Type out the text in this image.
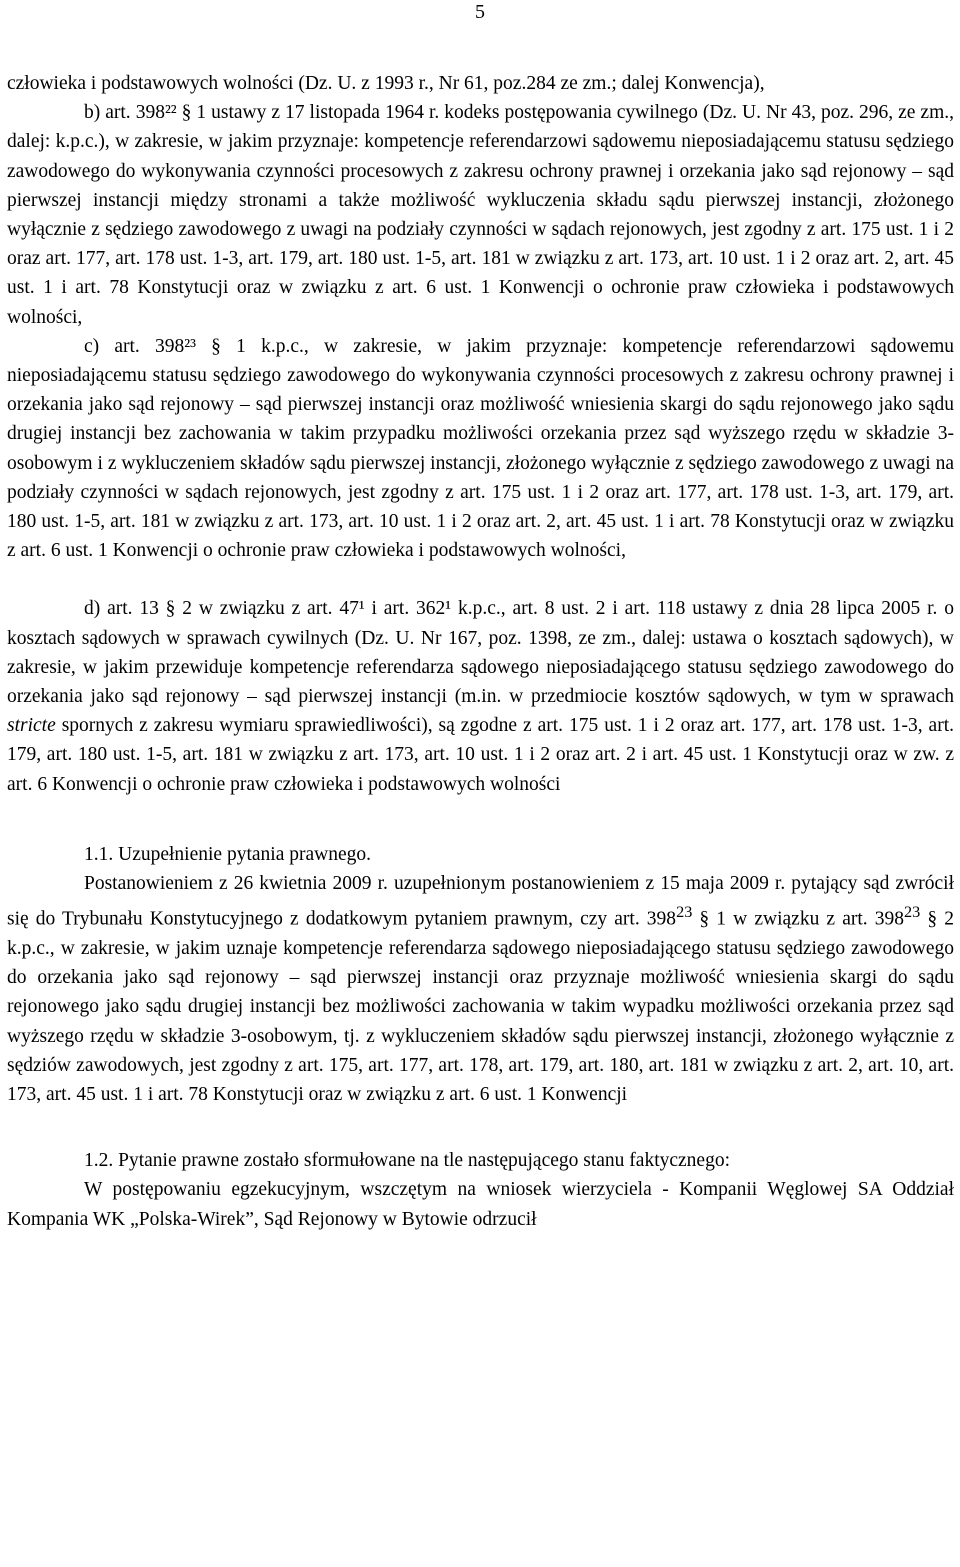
5

człowieka i podstawowych wolności (Dz. U. z 1993 r., Nr 61, poz.284 ze zm.; dalej Konwencja),

b) art. 398²² § 1 ustawy z 17 listopada 1964 r. kodeks postępowania cywilnego (Dz. U. Nr 43, poz. 296, ze zm., dalej: k.p.c.), w zakresie, w jakim przyznaje: kompetencje referendarzowi sądowemu nieposiadającemu statusu sędziego zawodowego do wykonywania czynności procesowych z zakresu ochrony prawnej i orzekania jako sąd rejonowy – sąd pierwszej instancji między stronami a także możliwość wykluczenia składu sądu pierwszej instancji, złożonego wyłącznie z sędziego zawodowego z uwagi na podziały czynności w sądach rejonowych, jest zgodny z art. 175 ust. 1 i 2 oraz art. 177, art. 178 ust. 1-3, art. 179, art. 180 ust. 1-5, art. 181 w związku z art. 173, art. 10 ust. 1 i 2 oraz art. 2, art. 45 ust. 1 i art. 78 Konstytucji oraz w związku z art. 6 ust. 1 Konwencji o ochronie praw człowieka i podstawowych wolności,

c) art. 398²³ § 1 k.p.c., w zakresie, w jakim przyznaje: kompetencje referendarzowi sądowemu nieposiadającemu statusu sędziego zawodowego do wykonywania czynności procesowych z zakresu ochrony prawnej i orzekania jako sąd rejonowy – sąd pierwszej instancji oraz możliwość wniesienia skargi do sądu rejonowego jako sądu drugiej instancji bez zachowania w takim przypadku możliwości orzekania przez sąd wyższego rzędu w składzie 3- osobowym i z wykluczeniem składów sądu pierwszej instancji, złożonego wyłącznie z sędziego zawodowego z uwagi na podziały czynności w sądach rejonowych, jest zgodny z art. 175 ust. 1 i 2 oraz art. 177, art. 178 ust. 1-3, art. 179, art. 180 ust. 1-5, art. 181 w związku z art. 173, art. 10 ust. 1 i 2 oraz art. 2, art. 45 ust. 1 i art. 78 Konstytucji oraz w związku z art. 6 ust. 1 Konwencji o ochronie praw człowieka i podstawowych wolności,

d) art. 13 § 2 w związku z art. 47¹ i art. 362¹ k.p.c., art. 8 ust. 2 i art. 118 ustawy z dnia 28 lipca 2005 r. o kosztach sądowych w sprawach cywilnych (Dz. U. Nr 167, poz. 1398, ze zm., dalej: ustawa o kosztach sądowych), w zakresie, w jakim przewiduje kompetencje referendarza sądowego nieposiadającego statusu sędziego zawodowego do orzekania jako sąd rejonowy – sąd pierwszej instancji (m.in. w przedmiocie kosztów sądowych, w tym w sprawach stricte spornych z zakresu wymiaru sprawiedliwości), są zgodne z art. 175 ust. 1 i 2 oraz art. 177, art. 178 ust. 1-3, art. 179, art. 180 ust. 1-5, art. 181 w związku z art. 173, art. 10 ust. 1 i 2 oraz art. 2 i art. 45 ust. 1 Konstytucji oraz w zw. z art. 6 Konwencji o ochronie praw człowieka i podstawowych wolności

1.1. Uzupełnienie pytania prawnego.

Postanowieniem z 26 kwietnia 2009 r. uzupełnionym postanowieniem z 15 maja 2009 r. pytający sąd zwrócił się do Trybunału Konstytucyjnego z dodatkowym pytaniem prawnym, czy art. $398^{23}$ § 1 w związku z art. $398^{23}$ § 2 k.p.c., w zakresie, w jakim uznaje kompetencje referendarza sądowego nieposiadającego statusu sędziego zawodowego do orzekania jako sąd rejonowy – sąd pierwszej instancji oraz przyznaje możliwość wniesienia skargi do sądu rejonowego jako sądu drugiej instancji bez możliwości zachowania w takim wypadku możliwości orzekania przez sąd wyższego rzędu w składzie 3-osobowym, tj. z wykluczeniem składów sądu pierwszej instancji, złożonego wyłącznie z sędziów zawodowych, jest zgodny z art. 175, art. 177, art. 178, art. 179, art. 180, art. 181 w związku z art. 2, art. 10, art. 173, art. 45 ust. 1 i art. 78 Konstytucji oraz w związku z art. 6 ust. 1 Konwencji

1.2. Pytanie prawne zostało sformułowane na tle następującego stanu faktycznego:

W postępowaniu egzekucyjnym, wszczętym na wniosek wierzyciela - Kompanii Węglowej SA Oddział Kompania WK „Polska-Wirek”, Sąd Rejonowy w Bytowie odrzucił
